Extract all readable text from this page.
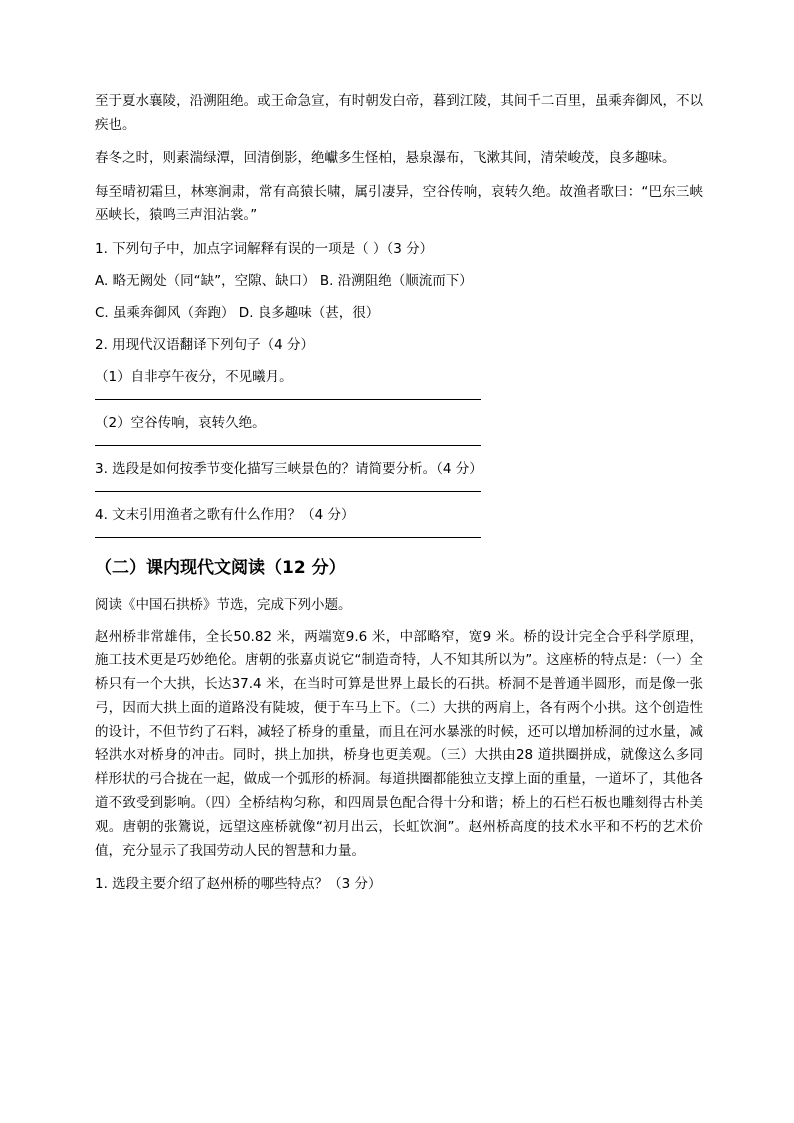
至于夏水襄陵，沿溯阻绝。或王命急宣，有时朝发白帝，暮到江陵，其间千二百里，虽乘奔御风，不以疾也。

春冬之时，则素湍绿潭，回清倒影，绝巘多生怪柏，悬泉瀑布，飞漱其间，清荣峻茂，良多趣味。

每至晴初霜旦，林寒涧肃，常有高猿长啸，属引凄异，空谷传响，哀转久绝。故渔者歌曰：“巴东三峡巫峡长，猿鸣三声泪沾裳。”

1. 下列句子中，加点字词解释有误的一项是（ ）（3 分）
A. 略无阙处（同“缺”，空隙、缺口） B. 沿溯阻绝（顺流而下）
C. 虽乘奔御风（奔跑） D. 良多趣味（甚，很）
2. 用现代汉语翻译下列句子（4 分）
（1）自非亭午夜分，不见曦月。
（2）空谷传响，哀转久绝。
3. 选段是如何按季节变化描写三峡景色的？请简要分析。（4 分）
4. 文末引用渔者之歌有什么作用？（4 分）
（二）课内现代文阅读（12 分）
阅读《中国石拱桥》节选，完成下列小题。

赵州桥非常雄伟，全长50.82 米，两端宽9.6 米，中部略窄，宽9 米。桥的设计完全合乎科学原理，施工技术更是巧妙绝伦。唐朝的张嘉贞说它“制造奇特，人不知其所以为”。这座桥的特点是：（一）全桥只有一个大拱，长达37.4 米，在当时可算是世界上最长的石拱。桥洞不是普通半圆形，而是像一张弓，因而大拱上面的道路没有陡坡，便于车马上下。（二）大拱的两肩上，各有两个小拱。这个创造性的设计，不但节约了石料，减轻了桥身的重量，而且在河水暴涨的时候，还可以增加桥洞的过水量，减轻洪水对桥身的冲击。同时，拱上加拱，桥身也更美观。（三）大拱由28 道拱圈拼成，就像这么多同样形状的弓合拢在一起，做成一个弧形的桥洞。每道拱圈都能独立支撑上面的重量，一道坏了，其他各道不致受到影响。（四）全桥结构匀称，和四周景色配合得十分和谐；桥上的石栏石板也雕刻得古朴美观。唐朝的张鷟说，远望这座桥就像“初月出云，长虹饮涧”。赵州桥高度的技术水平和不朽的艺术价值，充分显示了我国劳动人民的智慧和力量。

1. 选段主要介绍了赵州桥的哪些特点？（3 分）
